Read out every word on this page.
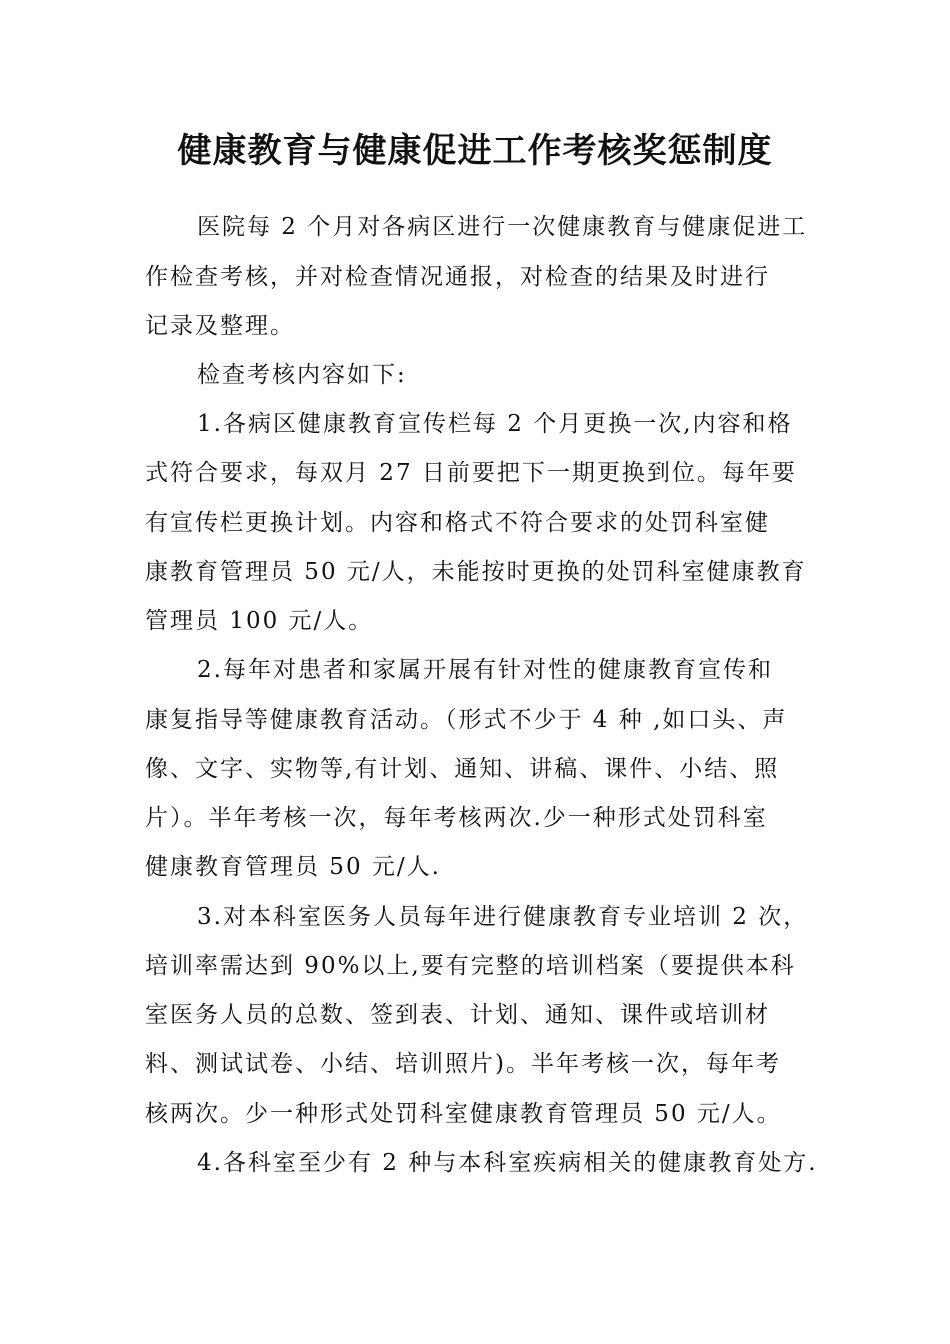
健康教育与健康促进工作考核奖惩制度
医院每 2 个月对各病区进行一次健康教育与健康促进工
作检查考核，并对检查情况通报，对检查的结果及时进行
记录及整理。
检查考核内容如下:
1.各病区健康教育宣传栏每 2 个月更换一次,内容和格
式符合要求，每双月 27 日前要把下一期更换到位。每年要
有宣传栏更换计划。内容和格式不符合要求的处罚科室健
康教育管理员 50 元/人，未能按时更换的处罚科室健康教育
管理员 100 元/人。
2.每年对患者和家属开展有针对性的健康教育宣传和
康复指导等健康教育活动。（形式不少于 4 种 ,如口头、声
像、文字、实物等,有计划、通知、讲稿、课件、小结、照
片）。半年考核一次，每年考核两次.少一种形式处罚科室
健康教育管理员 50 元/人.
3.对本科室医务人员每年进行健康教育专业培训 2 次，
培训率需达到 90%以上,要有完整的培训档案（要提供本科
室医务人员的总数、签到表、计划、通知、课件或培训材
料、测试试卷、小结、培训照片)。半年考核一次，每年考
核两次。少一种形式处罚科室健康教育管理员 50 元/人。
4.各科室至少有 2 种与本科室疾病相关的健康教育处方.
